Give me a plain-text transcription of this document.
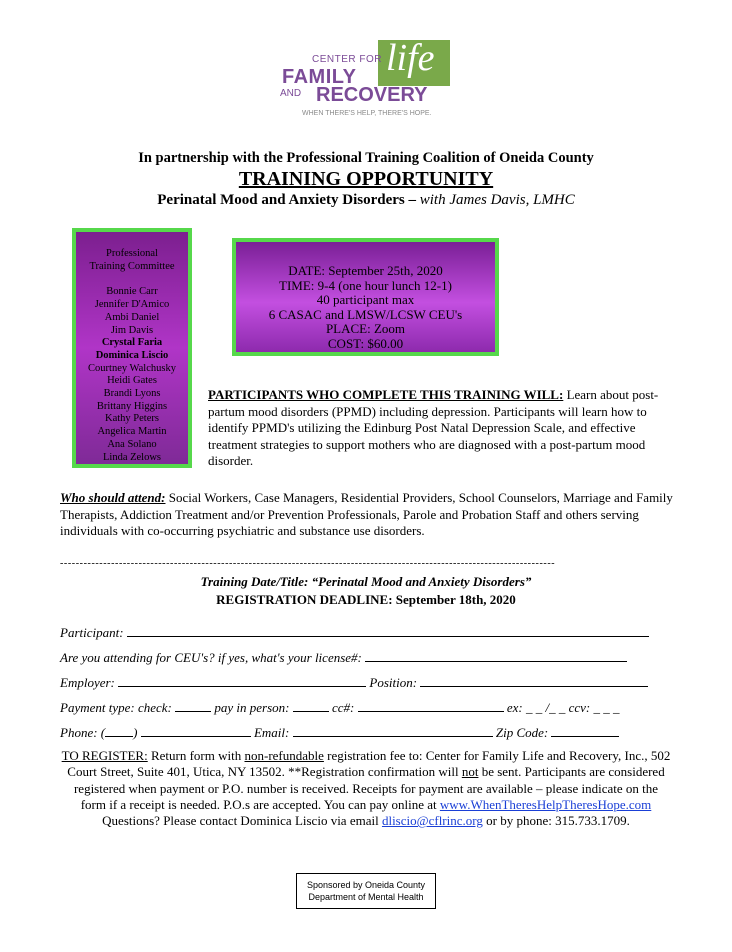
life
CENTER FOR
FAMILY
AND RECOVERY
WHEN THERE'S HELP, THERE'S HOPE.
In partnership with the Professional Training Coalition of Oneida County
TRAINING OPPORTUNITY
Perinatal Mood and Anxiety Disorders – with James Davis, LMHC
Professional
Training Committee
Bonnie Carr
Jennifer D'Amico
Ambi Daniel
Jim Davis
Crystal Faria
Dominica Liscio
Courtney Walchusky
Heidi Gates
Brandi Lyons
Brittany Higgins
Kathy Peters
Angelica Martin
Ana Solano
Linda Zelows
DATE: September 25th, 2020
TIME: 9-4 (one hour lunch 12-1)
40 participant max
6 CASAC and LMSW/LCSW CEU's
PLACE: Zoom
COST: $60.00
PARTICIPANTS WHO COMPLETE THIS TRAINING WILL: Learn about post-partum mood disorders (PPMD) including depression. Participants will learn how to identify PPMD's utilizing the Edinburg Post Natal Depression Scale, and effective treatment strategies to support mothers who are diagnosed with a post-partum mood disorder.
Who should attend: Social Workers, Case Managers, Residential Providers, School Counselors, Marriage and Family Therapists, Addiction Treatment and/or Prevention Professionals, Parole and Probation Staff and others serving individuals with co-occurring psychiatric and substance use disorders.
------------------------------------------------------------------------------------------------------------------------------
Training Date/Title: “Perinatal Mood and Anxiety Disorders”
REGISTRATION DEADLINE: September 18th, 2020
Participant:
Are you attending for CEU's? if yes, what's your license#:
Employer:	Position:
Payment type: check:	pay in person:	cc#:	ex: _ _ /_ _ ccv: _ _ _
Phone: ( )	Email:	Zip Code:
TO REGISTER: Return form with non-refundable registration fee to: Center for Family Life and Recovery, Inc., 502 Court Street, Suite 401, Utica, NY 13502. **Registration confirmation will not be sent. Participants are considered registered when payment or P.O. number is received. Receipts for payment are available – please indicate on the form if a receipt is needed. P.O.s are accepted. You can pay online at www.WhenTheresHelpTheresHope.com Questions? Please contact Dominica Liscio via email dliscio@cflrinc.org or by phone: 315.733.1709.
Sponsored by Oneida County
Department of Mental Health
